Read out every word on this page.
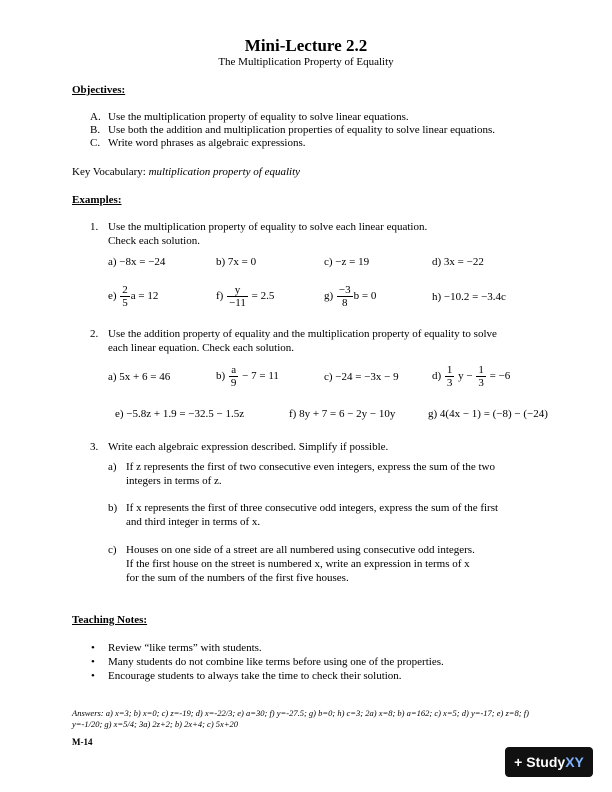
Mini-Lecture 2.2
The Multiplication Property of Equality
Objectives:
A. Use the multiplication property of equality to solve linear equations.
B. Use both the addition and multiplication properties of equality to solve linear equations.
C. Write word phrases as algebraic expressions.
Key Vocabulary: multiplication property of equality
Examples:
1. Use the multiplication property of equality to solve each linear equation.
Check each solution.
a) −8x = −24	b) 7x = 0	c) −z = 19	d) 3x = −22
$e) \frac{2}{5}$ a = 12	$f) \frac{y}{-11} = 2.5$	$g) \frac{-3}{8}$ b = 0	h) −10.2 = −3.4c
2. Use the addition property of equality and the multiplication property of equality to solve
each linear equation. Check each solution.
a) 5x + 6 = 46	$b) \frac{a}{9} - 7 = 11$	c) −24 = −3x − 9	$d) \frac{1}{3}$ $y - \frac{1}{3} = -6$
e) −5.8z + 1.9 = −32.5 − 1.5z	f) 8y + 7 = 6 − 2y − 10y	g) 4(4x − 1) = (−8) − (−24)
3. Write each algebraic expression described. Simplify if possible.
a) If z represents the first of two consecutive even integers, express the sum of the two
integers in terms of z.
b) If x represents the first of three consecutive odd integers, express the sum of the first
and third integer in terms of x.
c) Houses on one side of a street are all numbered using consecutive odd integers.
If the first house on the street is numbered x, write an expression in terms of x
for the sum of the numbers of the first five houses.
Teaching Notes:
• Review “like terms” with students.
• Many students do not combine like terms before using one of the properties.
• Encourage students to always take the time to check their solution.
Answers: a) x=3; b) x=0; c) z=-19; d) x=-22/3; e) a=30; f) y=-27.5; g) b=0; h) c=3; 2a) x=8; b) a=162; c) x=5; d) y=-17; e) z=8; f) y=-1/20; g) x=5/4; 3a) 2z+2; b) 2x+4; c) 5x+20
M-14
+ StudyXY
